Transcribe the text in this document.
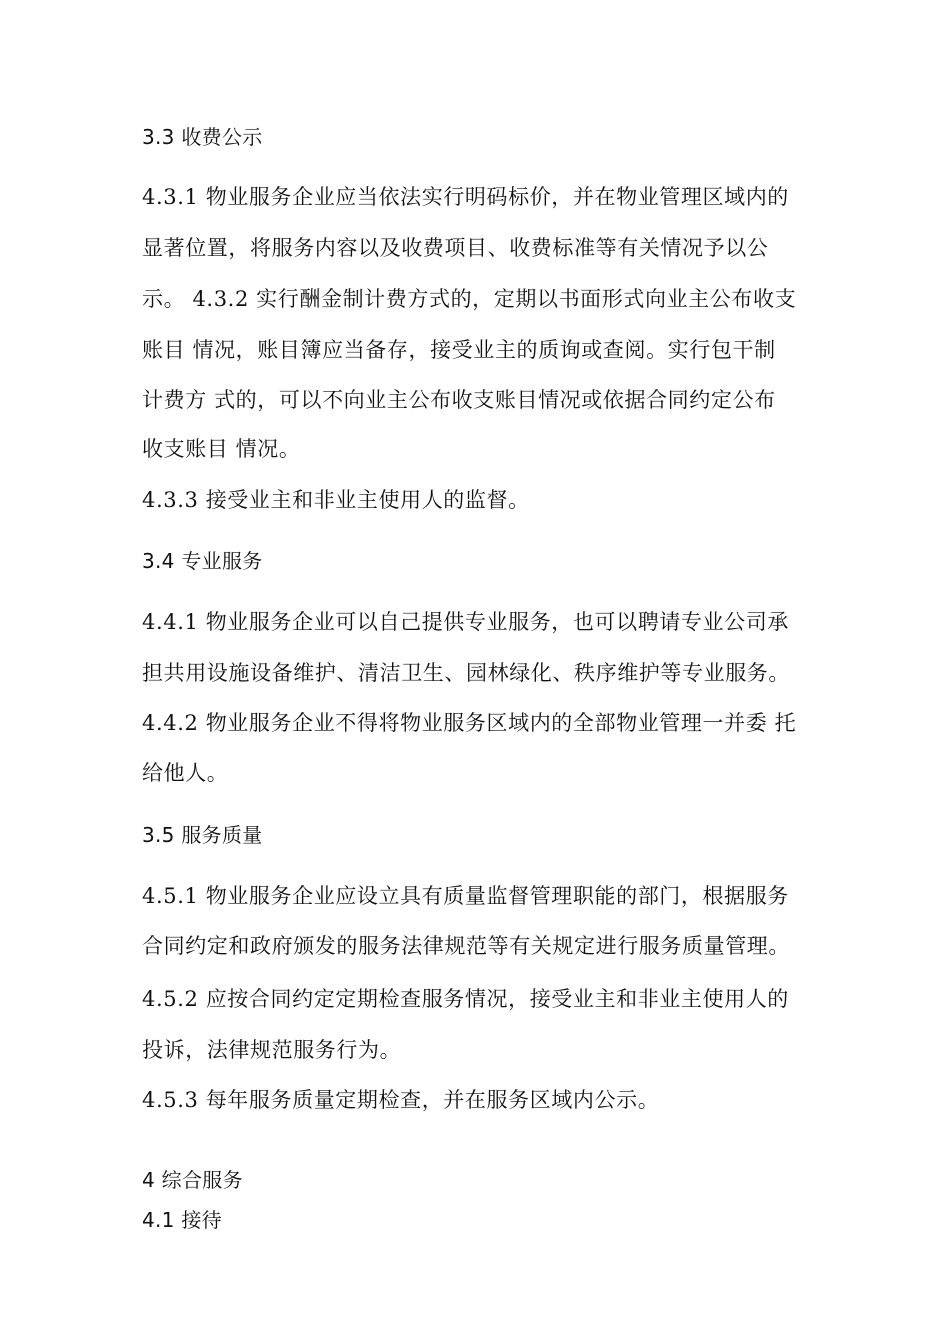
3.3 收费公示
4.3.1 物业服务企业应当依法实行明码标价，并在物业管理区域内的
显著位置，将服务内容以及收费项目、收费标准等有关情况予以公
示。 4.3.2 实行酬金制计费方式的，定期以书面形式向业主公布收支
账目 情况，账目簿应当备存，接受业主的质询或查阅。实行包干制
计费方 式的，可以不向业主公布收支账目情况或依据合同约定公布
收支账目 情况。
4.3.3 接受业主和非业主使用人的监督。
3.4 专业服务
4.4.1 物业服务企业可以自己提供专业服务，也可以聘请专业公司承
担共用设施设备维护、清洁卫生、园林绿化、秩序维护等专业服务。
4.4.2 物业服务企业不得将物业服务区域内的全部物业管理一并委 托
给他人。
3.5 服务质量
4.5.1 物业服务企业应设立具有质量监督管理职能的部门，根据服务
合同约定和政府颁发的服务法律规范等有关规定进行服务质量管理。
4.5.2 应按合同约定定期检查服务情况，接受业主和非业主使用人的
投诉，法律规范服务行为。
4.5.3 每年服务质量定期检查，并在服务区域内公示。
4 综合服务
4.1 接待
